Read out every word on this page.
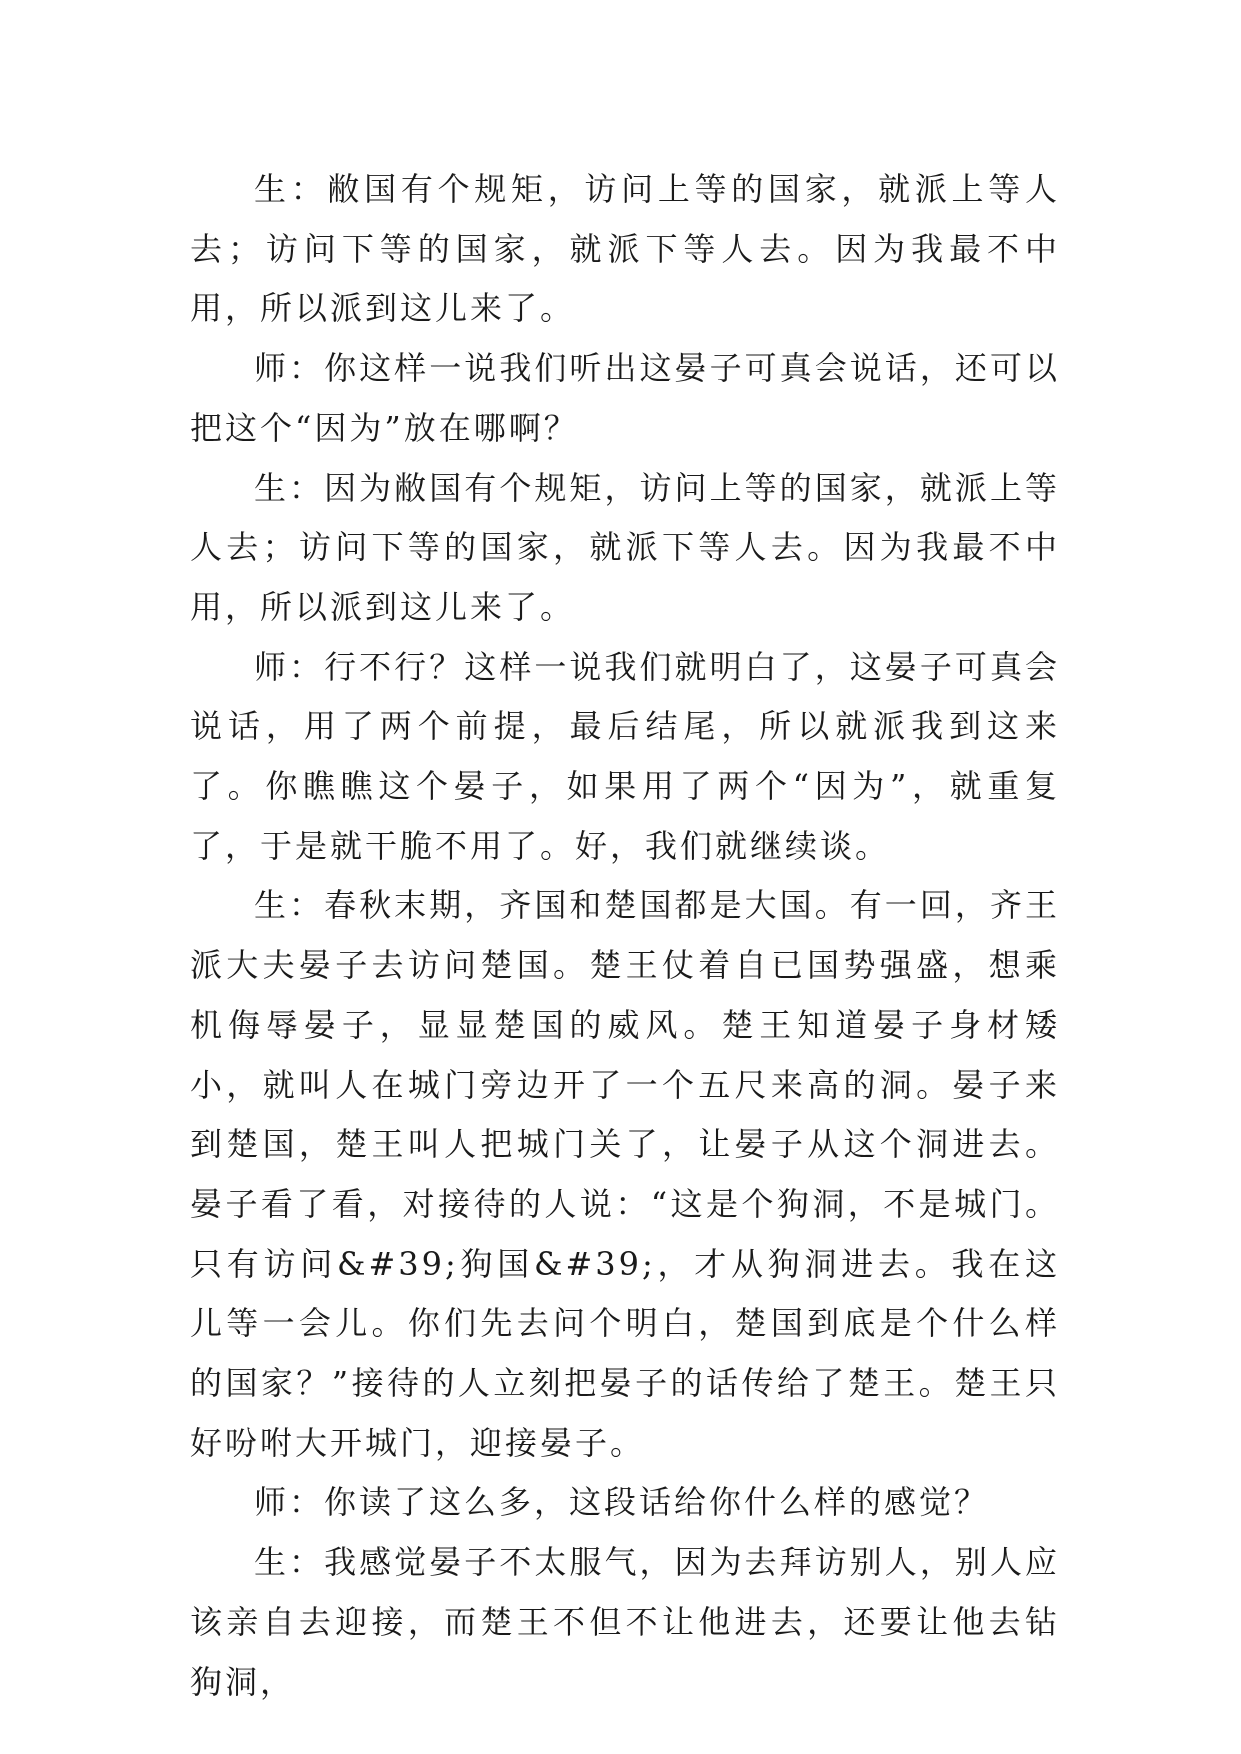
生：敝国有个规矩，访问上等的国家，就派上等人去；访问下等的国家，就派下等人去。因为我最不中用，所以派到这儿来了。

师：你这样一说我们听出这晏子可真会说话，还可以把这个“因为”放在哪啊？

生：因为敝国有个规矩，访问上等的国家，就派上等人去；访问下等的国家，就派下等人去。因为我最不中用，所以派到这儿来了。

师：行不行？这样一说我们就明白了，这晏子可真会说话，用了两个前提，最后结尾，所以就派我到这来了。你瞧瞧这个晏子，如果用了两个“因为”，就重复了，于是就干脆不用了。好，我们就继续谈。

生：春秋末期，齐国和楚国都是大国。有一回，齐王派大夫晏子去访问楚国。楚王仗着自已国势强盛，想乘机侮辱晏子，显显楚国的威风。楚王知道晏子身材矮小，就叫人在城门旁边开了一个五尺来高的洞。晏子来到楚国，楚王叫人把城门关了，让晏子从这个洞进去。晏子看了看，对接待的人说：“这是个狗洞，不是城门。只有访问&#39;狗国&#39;，才从狗洞进去。我在这儿等一会儿。你们先去问个明白，楚国到底是个什么样的国家？”接待的人立刻把晏子的话传给了楚王。楚王只好吩咐大开城门，迎接晏子。

师：你读了这么多，这段话给你什么样的感觉？

生：我感觉晏子不太服气，因为去拜访别人，别人应该亲自去迎接，而楚王不但不让他进去，还要让他去钻狗洞，
